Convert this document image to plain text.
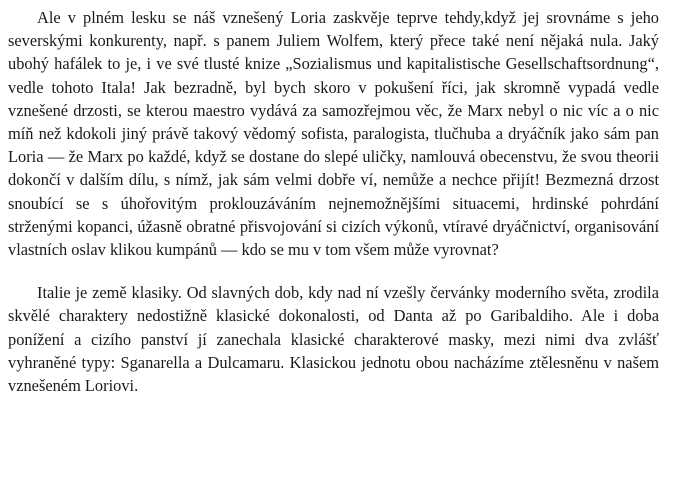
Ale v plném lesku se náš vznešený Loria zaskvěje teprve tehdy,když jej srovnáme s jeho severskými konkurenty, např. s panem Juliem Wolfem, který přece také není nějaká nula. Jaký ubohý hafálek to je, i ve své tlusté knize „Sozialismus und kapitalistische Gesellschaftsordnung“, vedle tohoto Itala! Jak bezradně, byl bych skoro v pokušení říci, jak skromně vypadá vedle vznešené drzosti, se kterou maestro vydává za samozřejmou věc, že Marx nebyl o nic víc a o nic míň než kdokoli jiný právě takový vědomý sofista, paralogista, tlučhuba a dryáčník jako sám pan Loria — že Marx po každé, když se dostane do slepé uličky, namlouvá obecenstvu, že svou theorii dokončí v dalším dílu, s nímž, jak sám velmi dobře ví, nemůže a nechce přijít! Bezmezná drzost snoubící se s úhořovitým proklouzáváním nejnemožnějšími situacemi, hrdinské pohrdání strženými kopanci, úžasně obratné přisvojování si cizích výkonů, vtíravé dryáčnictví, organisování vlastních oslav klikou kumpánů — kdo se mu v tom všem může vyrovnat?

Italie je země klasiky. Od slavných dob, kdy nad ní vzešly červánky moderního světa, zrodila skvělé charaktery nedostižně klasické dokonalosti, od Danta až po Garibaldiho. Ale i doba ponížení a cizího panství jí zanechala klasické charakterové masky, mezi nimi dva zvlášť vyhraněné typy: Sganarella a Dulcamaru. Klasickou jednotu obou nacházíme ztělesněnu v našem vznešeném Loriovi.
